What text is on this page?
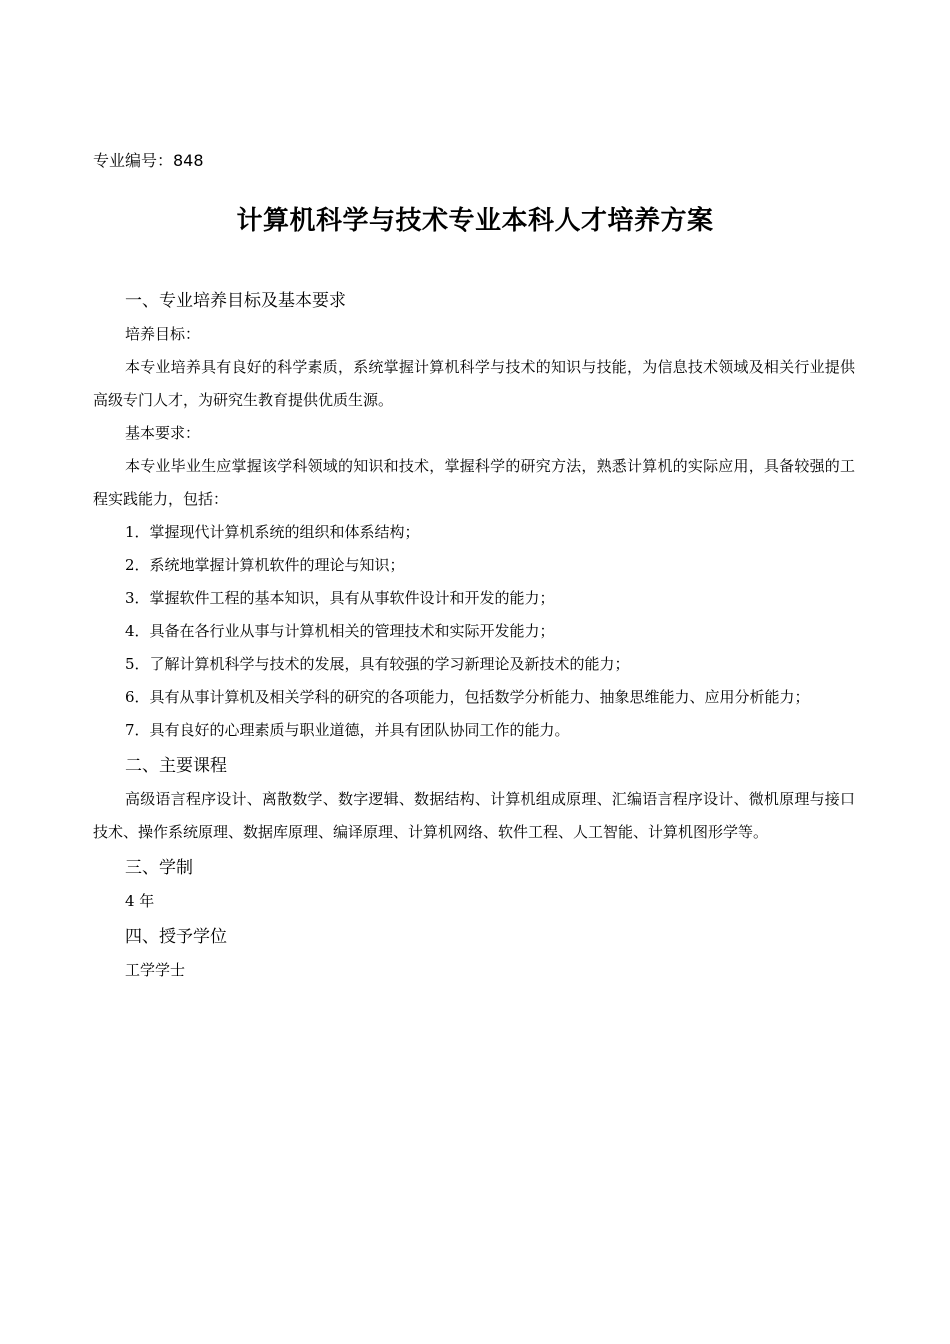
专业编号：848
计算机科学与技术专业本科人才培养方案
一、专业培养目标及基本要求

培养目标：

本专业培养具有良好的科学素质，系统掌握计算机科学与技术的知识与技能，为信息技术领域及相关行业提供高级专门人才，为研究生教育提供优质生源。

基本要求：

本专业毕业生应掌握该学科领域的知识和技术，掌握科学的研究方法，熟悉计算机的实际应用，具备较强的工程实践能力，包括：

1．掌握现代计算机系统的组织和体系结构；

2．系统地掌握计算机软件的理论与知识；

3．掌握软件工程的基本知识，具有从事软件设计和开发的能力；

4．具备在各行业从事与计算机相关的管理技术和实际开发能力；

5．了解计算机科学与技术的发展，具有较强的学习新理论及新技术的能力；

6．具有从事计算机及相关学科的研究的各项能力，包括数学分析能力、抽象思维能力、应用分析能力；

7．具有良好的心理素质与职业道德，并具有团队协同工作的能力。

二、主要课程

高级语言程序设计、离散数学、数字逻辑、数据结构、计算机组成原理、汇编语言程序设计、微机原理与接口技术、操作系统原理、数据库原理、编译原理、计算机网络、软件工程、人工智能、计算机图形学等。

三、学制

4 年

四、授予学位

工学学士
